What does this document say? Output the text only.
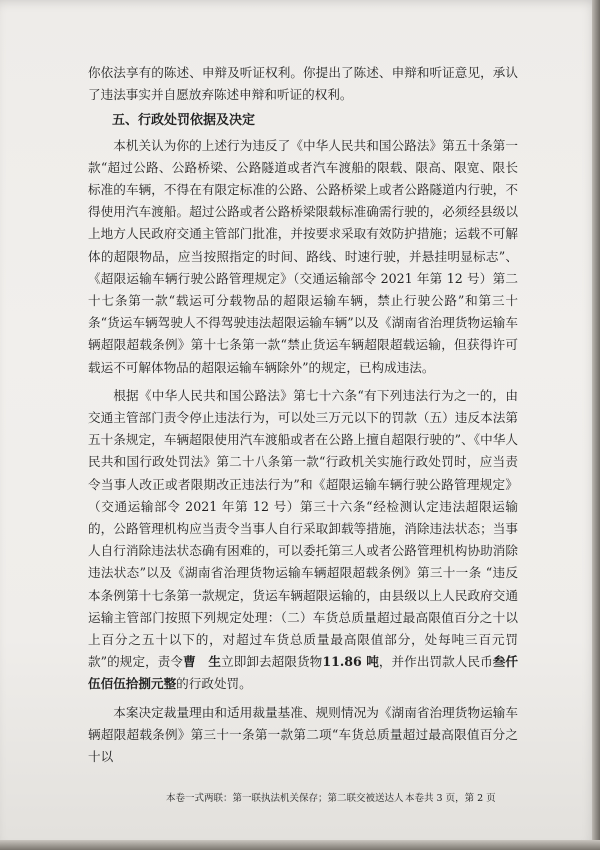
你依法享有的陈述、申辩及听证权利。你提出了陈述、申辩和听证意见，承认了违法事实并自愿放弃陈述申辩和听证的权利。

五、行政处罚依据及决定

本机关认为你的上述行为违反了《中华人民共和国公路法》第五十条第一款“超过公路、公路桥梁、公路隧道或者汽车渡船的限载、限高、限宽、限长标准的车辆，不得在有限定标准的公路、公路桥梁上或者公路隧道内行驶，不得使用汽车渡船。超过公路或者公路桥梁限载标准确需行驶的，必须经县级以上地方人民政府交通主管部门批准，并按要求采取有效防护措施；运载不可解体的超限物品，应当按照指定的时间、路线、时速行驶，并悬挂明显标志”、《超限运输车辆行驶公路管理规定》（交通运输部令 2021 年第 12 号）第二十七条第一款“载运可分载物品的超限运输车辆，禁止行驶公路”和第三十条“货运车辆驾驶人不得驾驶违法超限运输车辆”以及《湖南省治理货物运输车辆超限超载条例》第十七条第一款“禁止货运车辆超限超载运输，但获得许可载运不可解体物品的超限运输车辆除外”的规定，已构成违法。

根据《中华人民共和国公路法》第七十六条“有下列违法行为之一的，由交通主管部门责令停止违法行为，可以处三万元以下的罚款（五）违反本法第五十条规定，车辆超限使用汽车渡船或者在公路上擅自超限行驶的”、《中华人民共和国行政处罚法》第二十八条第一款“行政机关实施行政处罚时，应当责令当事人改正或者限期改正违法行为”和《超限运输车辆行驶公路管理规定》（交通运输部令 2021 年第 12 号）第三十六条“经检测认定违法超限运输的，公路管理机构应当责令当事人自行采取卸载等措施，消除违法状态；当事人自行消除违法状态确有困难的，可以委托第三人或者公路管理机构协助消除违法状态”以及《湖南省治理货物运输车辆超限超载条例》第三十一条 “违反本条例第十七条第一款规定，货运车辆超限运输的，由县级以上人民政府交通运输主管部门按照下列规定处理：（二）车货总质量超过最高限值百分之十以上百分之五十以下的，对超过车货总质量最高限值部分，处每吨三百元罚款”的规定，责令曹　生立即卸去超限货物11.86 吨，并作出罚款人民币叁仟伍佰伍拾捌元整的行政处罚。

本案决定裁量理由和适用裁量基准、规则情况为《湖南省治理货物运输车辆超限超载条例》第三十一条第一款第二项“车货总质量超过最高限值百分之十以

本卷一式两联：第一联执法机关保存；第二联交被送达人 本卷共 3 页，第 2 页
